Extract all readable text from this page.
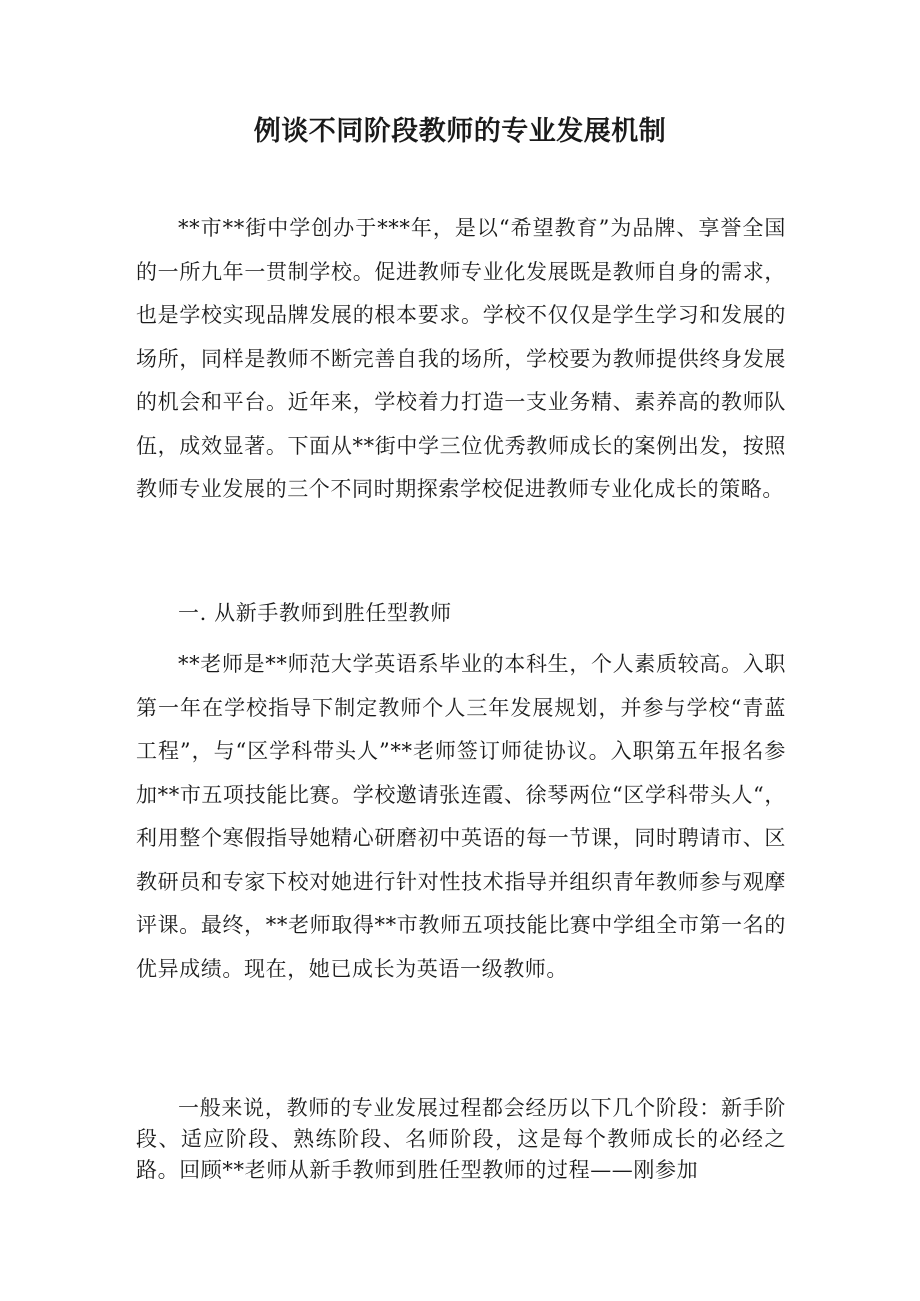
例谈不同阶段教师的专业发展机制

**市**街中学创办于***年，是以“希望教育”为品牌、享誉全国的一所九年一贯制学校。促进教师专业化发展既是教师自身的需求，也是学校实现品牌发展的根本要求。学校不仅仅是学生学习和发展的场所，同样是教师不断完善自我的场所，学校要为教师提供终身发展的机会和平台。近年来，学校着力打造一支业务精、素养高的教师队伍，成效显著。下面从**街中学三位优秀教师成长的案例出发，按照教师专业发展的三个不同时期探索学校促进教师专业化成长的策略。

一. 从新手教师到胜任型教师

**老师是**师范大学英语系毕业的本科生，个人素质较高。入职第一年在学校指导下制定教师个人三年发展规划，并参与学校“青蓝工程”，与“区学科带头人”**老师签订师徒协议。入职第五年报名参加**市五项技能比赛。学校邀请张连霞、徐琴两位“区学科带头人“，利用整个寒假指导她精心研磨初中英语的每一节课，同时聘请市、区教研员和专家下校对她进行针对性技术指导并组织青年教师参与观摩评课。最终，**老师取得**市教师五项技能比赛中学组全市第一名的优异成绩。现在，她已成长为英语一级教师。

一般来说，教师的专业发展过程都会经历以下几个阶段：新手阶段、适应阶段、熟练阶段、名师阶段，这是每个教师成长的必经之路。回顾**老师从新手教师到胜任型教师的过程——刚参加
